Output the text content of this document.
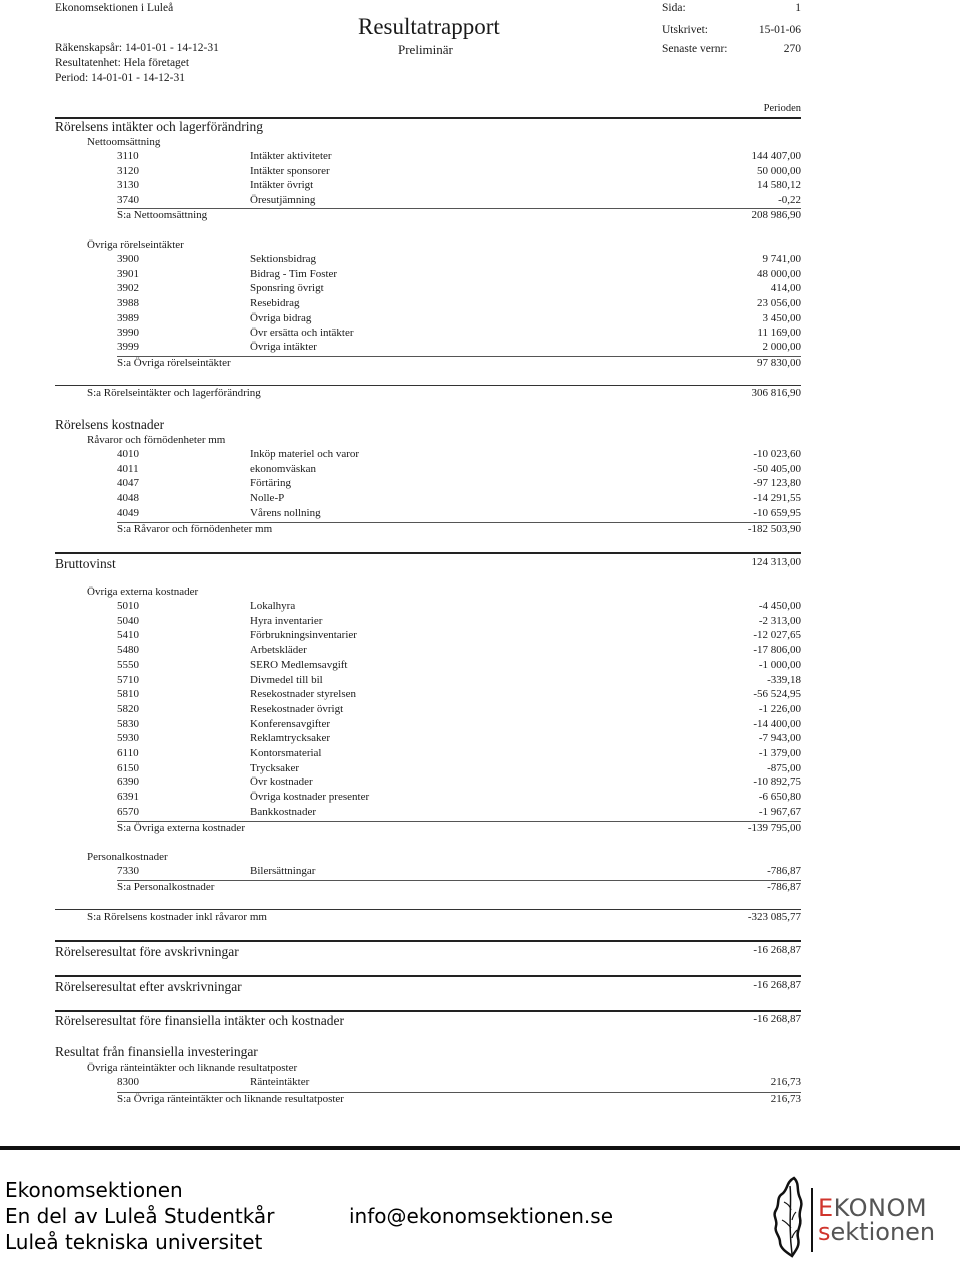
Ekonomsektionen i Luleå
Resultatrapport
Preliminär
Räkenskapsår: 14-01-01 - 14-12-31
Resultatenhet: Hela företaget
Period: 14-01-01 - 14-12-31
Sida:	1
Utskrivet:	15-01-06
Senaste vernr:	270
Perioden
Rörelsens intäkter och lagerförändring
Nettoomsättning
3110	Intäkter aktiviteter	144 407,00
3120	Intäkter sponsorer	50 000,00
3130	Intäkter övrigt	14 580,12
3740	Öresutjämning	-0,22
S:a Nettoomsättning	208 986,90
Övriga rörelseintäkter
3900	Sektionsbidrag	9 741,00
3901	Bidrag - Tim Foster	48 000,00
3902	Sponsring övrigt	414,00
3988	Resebidrag	23 056,00
3989	Övriga bidrag	3 450,00
3990	Övr ersätta och intäkter	11 169,00
3999	Övriga intäkter	2 000,00
S:a Övriga rörelseintäkter	97 830,00
S:a Rörelseintäkter och lagerförändring	306 816,90
Rörelsens kostnader
Råvaror och förnödenheter mm
4010	Inköp materiel och varor	-10 023,60
4011	ekonomväskan	-50 405,00
4047	Förtäring	-97 123,80
4048	Nolle-P	-14 291,55
4049	Vårens nollning	-10 659,95
S:a Råvaror och förnödenheter mm	-182 503,90
Bruttovinst	124 313,00
Övriga externa kostnader
5010	Lokalhyra	-4 450,00
5040	Hyra inventarier	-2 313,00
5410	Förbrukningsinventarier	-12 027,65
5480	Arbetskläder	-17 806,00
5550	SERO Medlemsavgift	-1 000,00
5710	Divmedel till bil	-339,18
5810	Resekostnader styrelsen	-56 524,95
5820	Resekostnader övrigt	-1 226,00
5830	Konferensavgifter	-14 400,00
5930	Reklamtrycksaker	-7 943,00
6110	Kontorsmaterial	-1 379,00
6150	Trycksaker	-875,00
6390	Övr kostnader	-10 892,75
6391	Övriga kostnader presenter	-6 650,80
6570	Bankkostnader	-1 967,67
S:a Övriga externa kostnader	-139 795,00
Personalkostnader
7330	Bilersättningar	-786,87
S:a Personalkostnader	-786,87
S:a Rörelsens kostnader inkl råvaror mm	-323 085,77
Rörelseresultat före avskrivningar	-16 268,87
Rörelseresultat efter avskrivningar	-16 268,87
Rörelseresultat före finansiella intäkter och kostnader	-16 268,87
Resultat från finansiella investeringar
Övriga ränteintäkter och liknande resultatposter
8300	Ränteintäkter	216,73
S:a Övriga ränteintäkter och liknande resultatposter	216,73
Ekonomsektionen
En del av Luleå Studentkår
Luleå tekniska universitet
info@ekonomsektionen.se	EKONOM
sektionen
